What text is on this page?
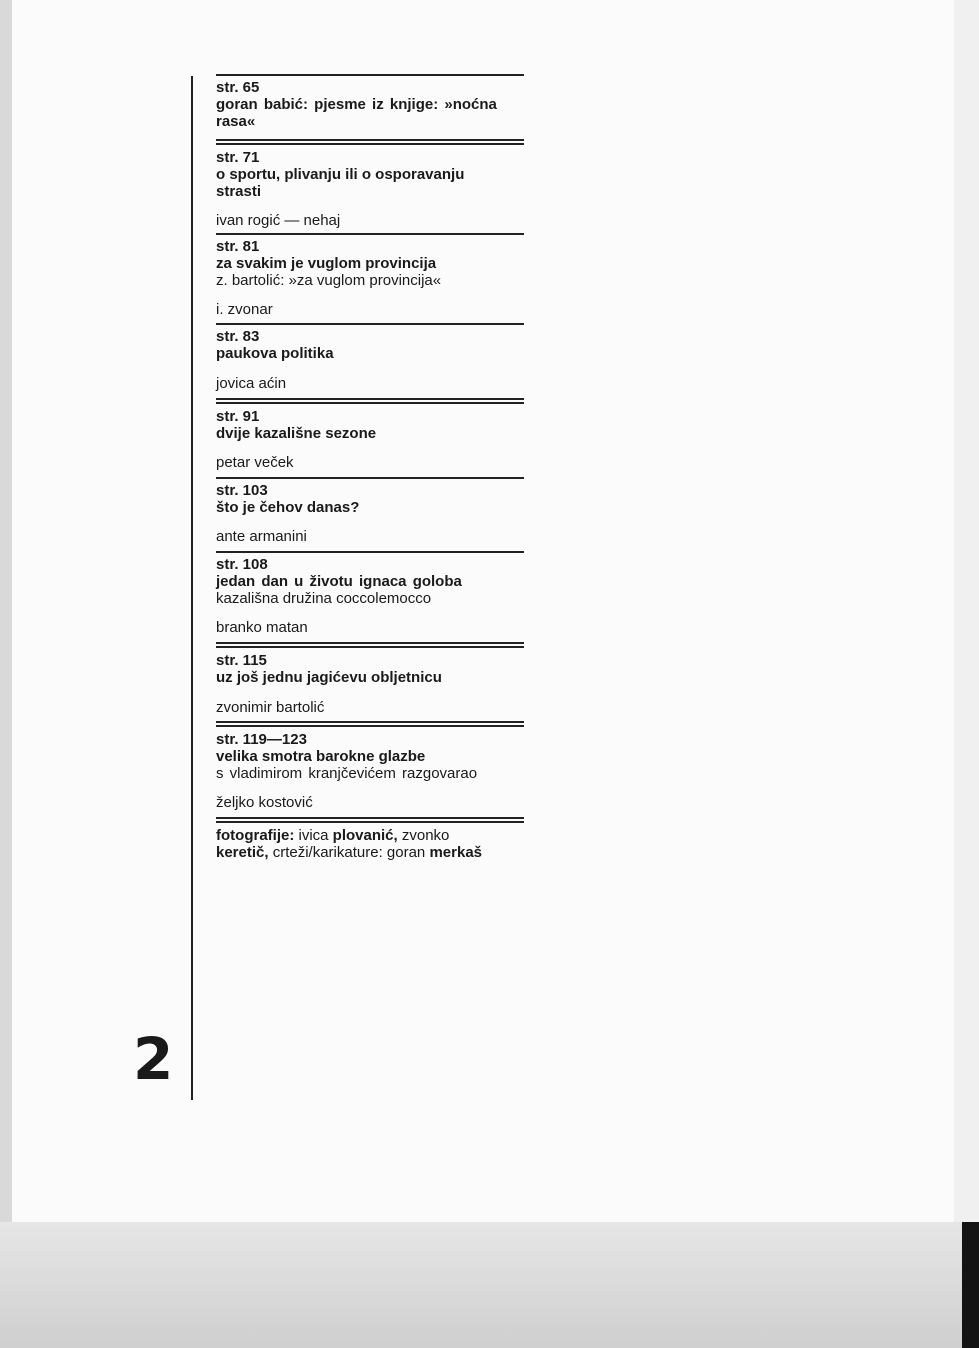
2
str. 65
goran babić: pjesme iz knjige: »noćna
rasa«
str. 71
o sportu, plivanju ili o osporavanju
strasti
ivan rogić — nehaj
str. 81
za svakim je vuglom provincija
z. bartolić: »za vuglom provincija«
i. zvonar
str. 83
paukova politika
jovica aćin
str. 91
dvije kazališne sezone
petar veček
str. 103
što je čehov danas?
ante armanini
str. 108
jedan dan u životu ignaca goloba
kazališna družina coccolemocco
branko matan
str. 115
uz još jednu jagićevu obljetnicu
zvonimir bartolić
str. 119—123
velika smotra barokne glazbe
s vladimirom kranjčevićem razgovarao
željko kostović
fotografije: ivica plovanić, zvonko keretič, crteži/karikature: goran merkaš
